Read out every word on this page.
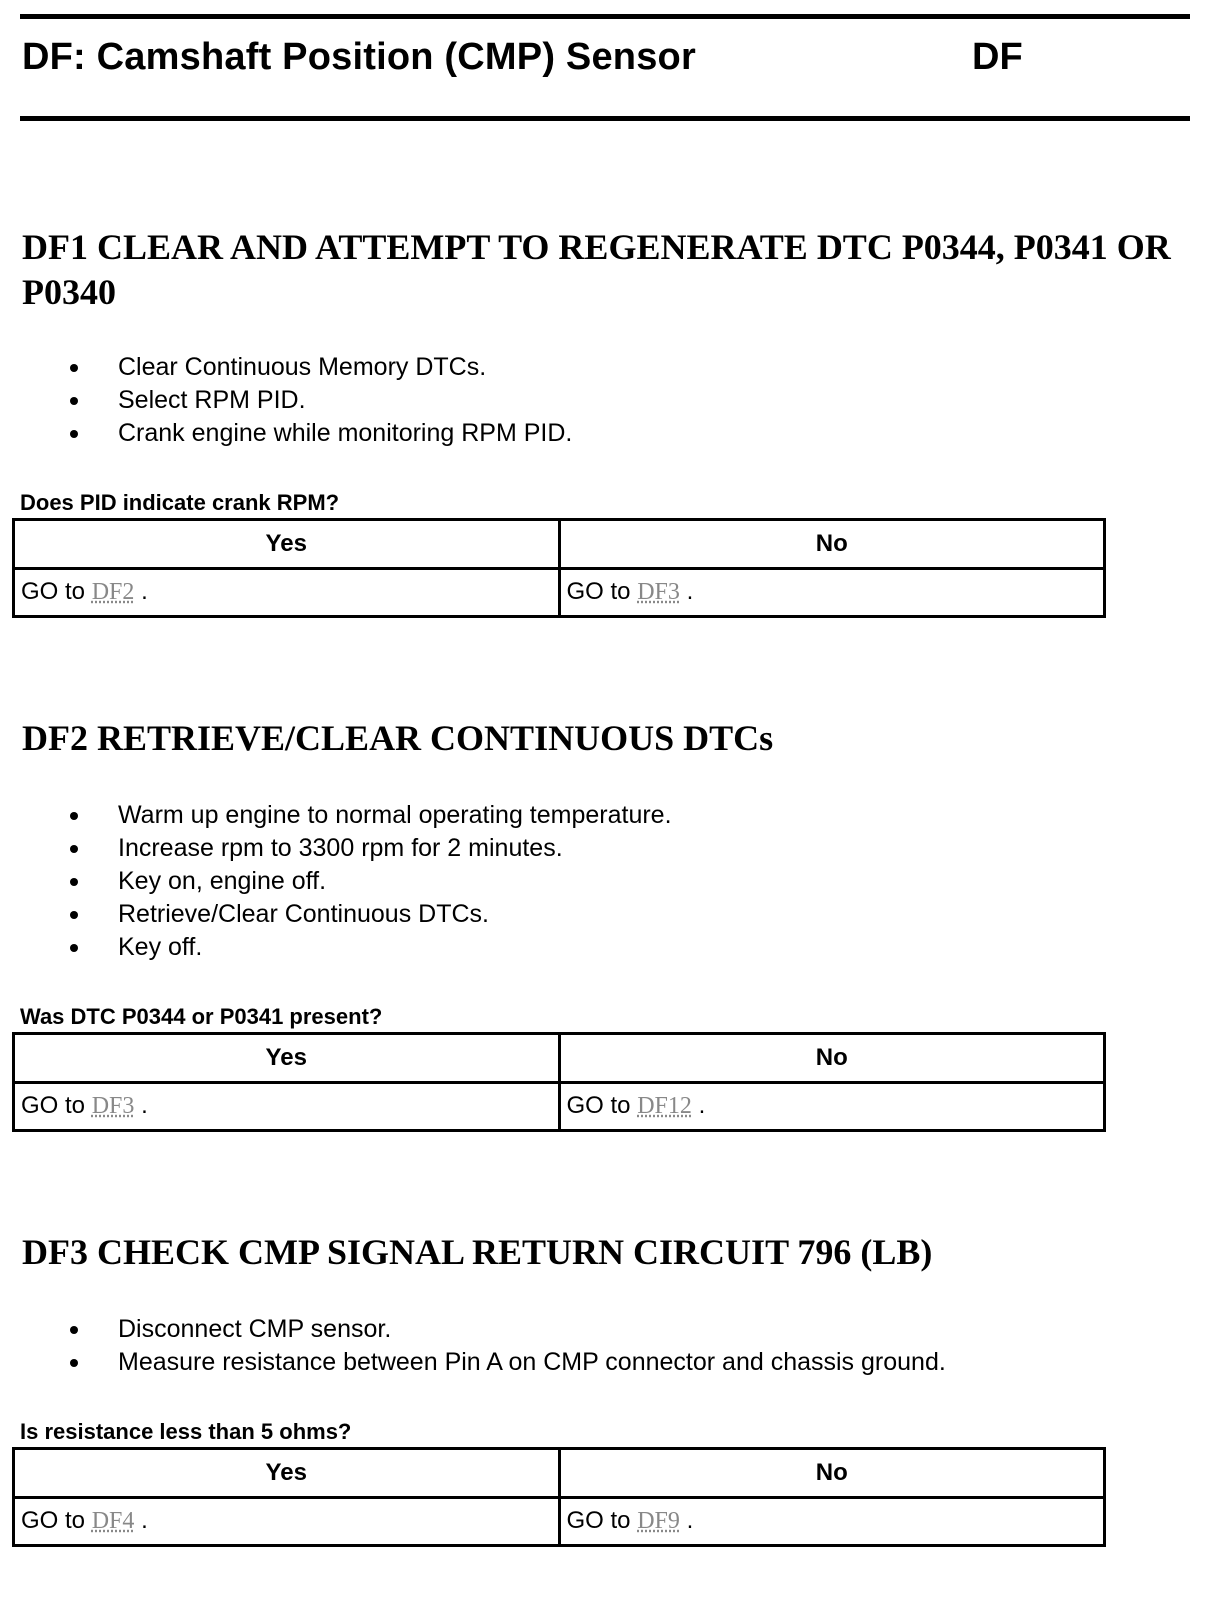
DF: Camshaft Position (CMP) Sensor	DF
DF1 CLEAR AND ATTEMPT TO REGENERATE DTC P0344, P0341 OR P0340
Clear Continuous Memory DTCs.
Select RPM PID.
Crank engine while monitoring RPM PID.
Does PID indicate crank RPM?
Yes	No
GO to DF2 .	GO to DF3 .
DF2 RETRIEVE/CLEAR CONTINUOUS DTCs
Warm up engine to normal operating temperature.
Increase rpm to 3300 rpm for 2 minutes.
Key on, engine off.
Retrieve/Clear Continuous DTCs.
Key off.
Was DTC P0344 or P0341 present?
Yes	No
GO to DF3 .	GO to DF12 .
DF3 CHECK CMP SIGNAL RETURN CIRCUIT 796 (LB)
Disconnect CMP sensor.
Measure resistance between Pin A on CMP connector and chassis ground.
Is resistance less than 5 ohms?
Yes	No
GO to DF4 .	GO to DF9 .
